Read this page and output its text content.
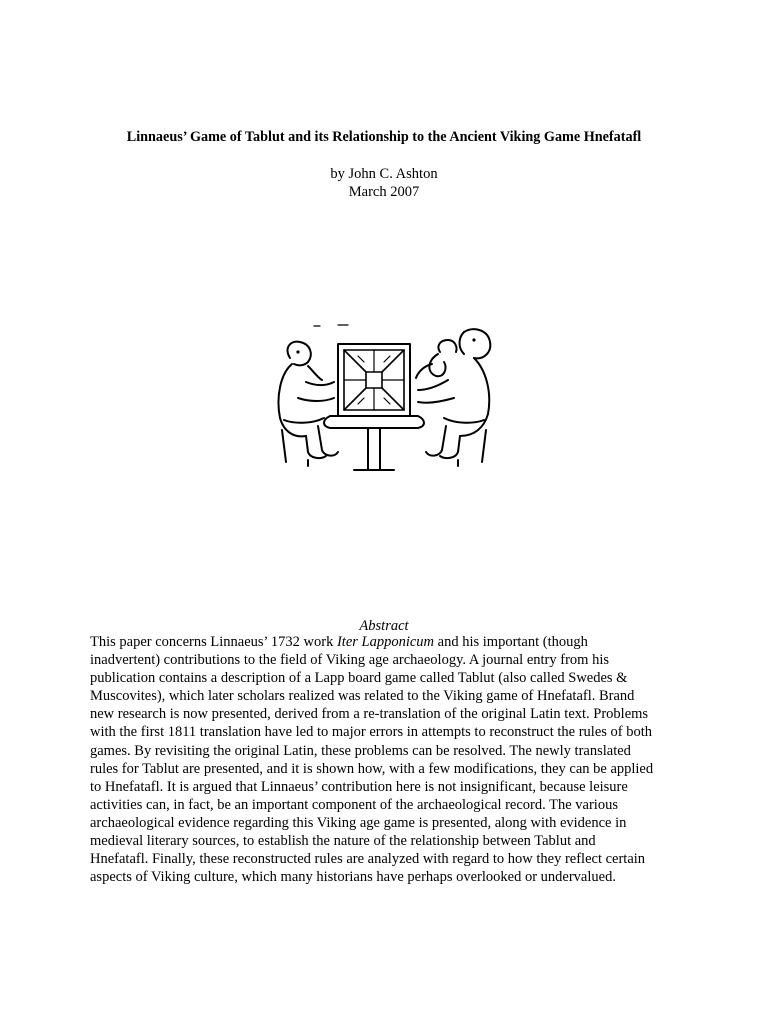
Linnaeus’ Game of Tablut and its Relationship to the Ancient Viking Game Hnefatafl
by John C. Ashton
March 2007
Abstract
This paper concerns Linnaeus’ 1732 work Iter Lapponicum and his important (though
inadvertent) contributions to the field of Viking age archaeology. A journal entry from his
publication contains a description of a Lapp board game called Tablut (also called Swedes &
Muscovites), which later scholars realized was related to the Viking game of Hnefatafl. Brand
new research is now presented, derived from a re-translation of the original Latin text. Problems
with the first 1811 translation have led to major errors in attempts to reconstruct the rules of both
games. By revisiting the original Latin, these problems can be resolved. The newly translated
rules for Tablut are presented, and it is shown how, with a few modifications, they can be applied
to Hnefatafl. It is argued that Linnaeus’ contribution here is not insignificant, because leisure
activities can, in fact, be an important component of the archaeological record. The various
archaeological evidence regarding this Viking age game is presented, along with evidence in
medieval literary sources, to establish the nature of the relationship between Tablut and
Hnefatafl. Finally, these reconstructed rules are analyzed with regard to how they reflect certain
aspects of Viking culture, which many historians have perhaps overlooked or undervalued.
